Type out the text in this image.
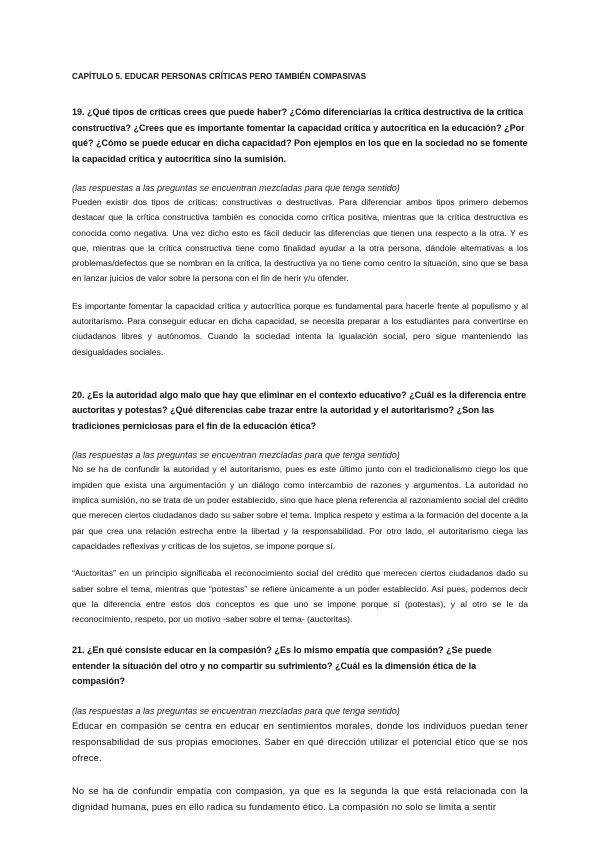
CAPÍTULO 5. EDUCAR PERSONAS CRÍTICAS PERO TAMBIÉN COMPASIVAS
19. ¿Qué tipos de críticas crees que puede haber? ¿Cómo diferenciarías la crítica destructiva de la crítica constructiva? ¿Crees que es importante fomentar la capacidad crítica y autocrítica en la educación? ¿Por qué? ¿Cómo se puede educar en dicha capacidad? Pon ejemplos en los que en la sociedad no se fomente la capacidad crítica y autocrítica sino la sumisión.
(las respuestas a las preguntas se encuentran mezcladas para que tenga sentido)
Pueden existir dos tipos de críticas: constructivas o destructivas. Para diferenciar ambos tipos primero debemos destacar que la crítica constructiva también es conocida como crítica positiva, mientras que la crítica destructiva es conocida como negativa. Una vez dicho esto es fácil deducir las diferencias que tienen una respecto a la otra. Y es que, mientras que la crítica constructiva tiene como finalidad ayudar a la otra persona, dándole alternativas a los problemas/defectos que se nombran en la crítica, la destructiva ya no tiene como centro la situación, sino que se basa en lanzar juicios de valor sobre la persona con el fin de herir y/u ofender.
Es importante fomentar la capacidad crítica y autocrítica porque es fundamental para hacerle frente al populismo y al autoritarismo. Para conseguir educar en dicha capacidad, se necesita preparar a los estudiantes para convertirse en ciudadanos libres y autónomos. Cuando la sociedad intenta la igualación social, pero sigue manteniendo las desigualdades sociales.
20. ¿Es la autoridad algo malo que hay que eliminar en el contexto educativo? ¿Cuál es la diferencia entre auctoritas y potestas? ¿Qué diferencias cabe trazar entre la autoridad y el autoritarismo? ¿Son las tradiciones perniciosas para el fin de la educación ética?
(las respuestas a las preguntas se encuentran mezcladas para que tenga sentido)
No se ha de confundir la autoridad y el autoritarismo, pues es este último junto con el tradicionalismo ciego los que impiden que exista una argumentación y un diálogo como intercambio de razones y argumentos. La autoridad no implica sumisión, no se trata de un poder establecido, sino que hace plena referencia al razonamiento social del crédito que merecen ciertos ciudadanos dado su saber sobre el tema. Implica respeto y estima a la formación del docente a la par que crea una relación estrecha entre la libertad y la responsabilidad. Por otro lado, el autoritarismo ciega las capacidades reflexivas y críticas de los sujetos, se impone porque sí.
“Auctoritas” en un principio significaba el reconocimiento social del crédito que merecen ciertos ciudadanos dado su saber sobre el tema, mientras que “potestas” se refiere únicamente a un poder establecido. Así pues, podemos decir que la diferencia entre estos dos conceptos es que uno se impone porque sí (potestas), y al otro se le da reconocimiento, respeto, por un motivo -saber sobre el tema- (auctoritas).
21. ¿En qué consiste educar en la compasión? ¿Es lo mismo empatía que compasión? ¿Se puede entender la situación del otro y no compartir su sufrimiento? ¿Cuál es la dimensión ética de la compasión?
(las respuestas a las preguntas se encuentran mezcladas para que tenga sentido)
Educar en compasión se centra en educar en sentimientos morales, donde los individuos puedan tener responsabilidad de sus propias emociones. Saber en qué dirección utilizar el potencial ético que se nos ofrece.
No se ha de confundir empatía con compasión, ya que es la segunda la que está relacionada con la dignidad humana, pues en ello radica su fundamento ético. La compasión no solo se limita a sentir
